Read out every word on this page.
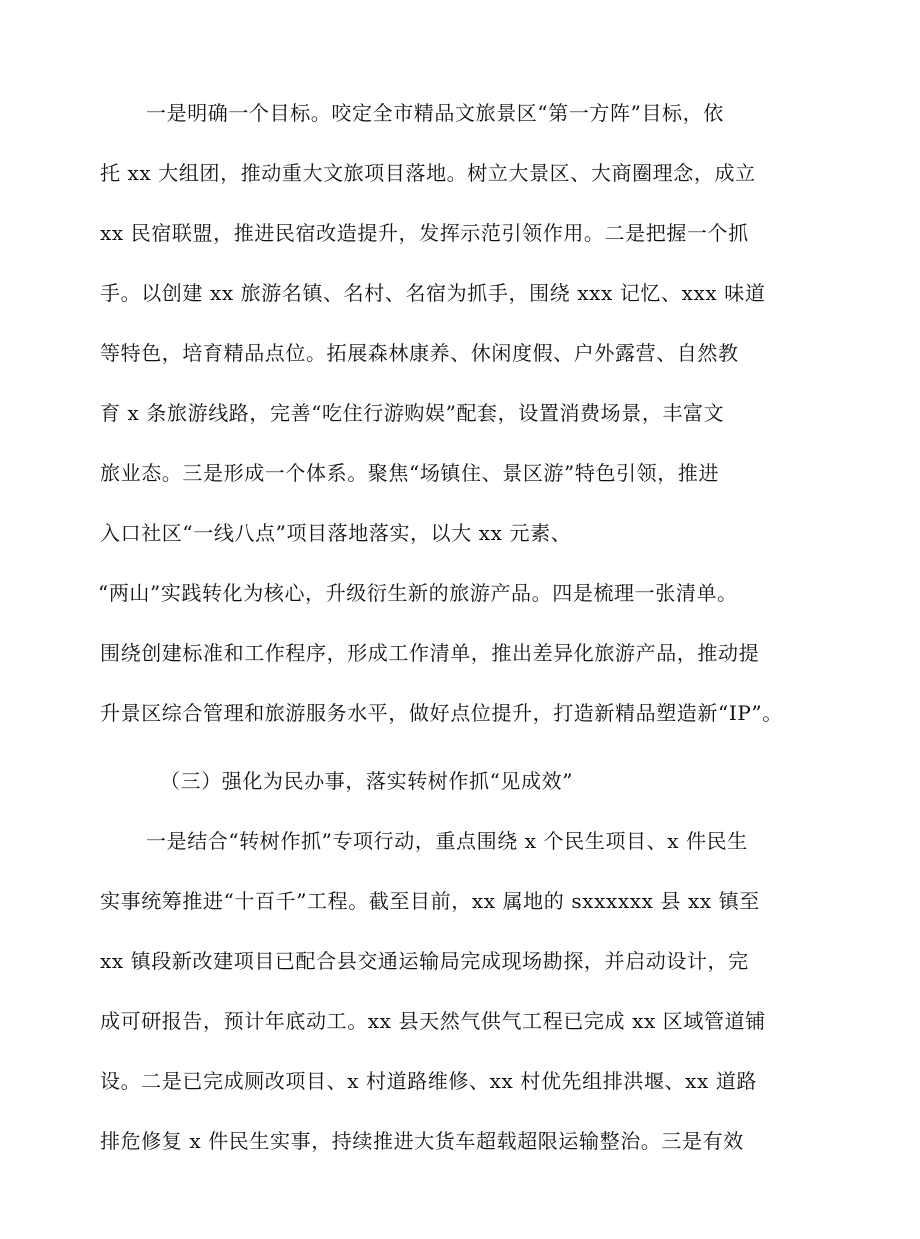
一是明确一个目标。咬定全市精品文旅景区“第一方阵”目标，依
托 xx 大组团，推动重大文旅项目落地。树立大景区、大商圈理念，成立
xx 民宿联盟，推进民宿改造提升，发挥示范引领作用。二是把握一个抓
手。以创建 xx 旅游名镇、名村、名宿为抓手，围绕 xxx 记忆、xxx 味道
等特色，培育精品点位。拓展森林康养、休闲度假、户外露营、自然教
育 x 条旅游线路，完善“吃住行游购娱”配套，设置消费场景，丰富文
旅业态。三是形成一个体系。聚焦“场镇住、景区游”特色引领，推进
入口社区“一线八点”项目落地落实，以大 xx 元素、
“两山”实践转化为核心，升级衍生新的旅游产品。四是梳理一张清单。
围绕创建标准和工作程序，形成工作清单，推出差异化旅游产品，推动提
升景区综合管理和旅游服务水平，做好点位提升，打造新精品塑造新“IP”。
（三）强化为民办事，落实转树作抓“见成效”
一是结合“转树作抓”专项行动，重点围绕 x 个民生项目、x 件民生
实事统筹推进“十百千”工程。截至目前，xx 属地的 sxxxxxx 县 xx 镇至
xx 镇段新改建项目已配合县交通运输局完成现场勘探，并启动设计，完
成可研报告，预计年底动工。xx 县天然气供气工程已完成 xx 区域管道铺
设。二是已完成厕改项目、x 村道路维修、xx 村优先组排洪堰、xx 道路
排危修复 x 件民生实事，持续推进大货车超载超限运输整治。三是有效
